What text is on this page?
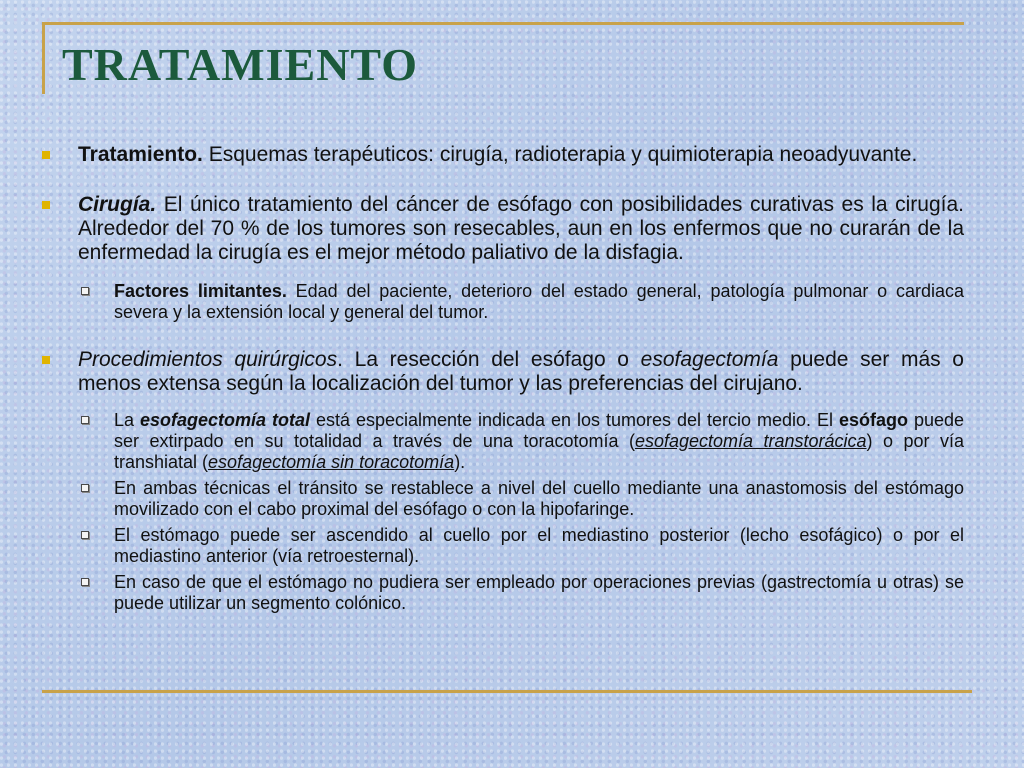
TRATAMIENTO
Tratamiento. Esquemas terapéuticos: cirugía, radioterapia y quimioterapia neoadyuvante.
Cirugía. El único tratamiento del cáncer de esófago con posibilidades curativas es la cirugía. Alrededor del 70 % de los tumores son resecables, aun en los enfermos que no curarán de la enfermedad la cirugía es el mejor método paliativo de la disfagia.
Factores limitantes. Edad del paciente, deterioro del estado general, patología pulmonar o cardiaca severa y la extensión local y general del tumor.
Procedimientos quirúrgicos. La resección del esófago o esofagectomía puede ser más o menos extensa según la localización del tumor y las preferencias del cirujano.
La esofagectomía total está especialmente indicada en los tumores del tercio medio. El esófago puede ser extirpado en su totalidad a través de una toracotomía (esofagectomía transtorácica) o por vía transhiatal (esofagectomía sin toracotomía).
En ambas técnicas el tránsito se restablece a nivel del cuello mediante una anastomosis del estómago movilizado con el cabo proximal del esófago o con la hipofaringe.
El estómago puede ser ascendido al cuello por el mediastino posterior (lecho esofágico) o por el mediastino anterior (vía retroesternal).
En caso de que el estómago no pudiera ser empleado por operaciones previas (gastrectomía u otras) se puede utilizar un segmento colónico.
